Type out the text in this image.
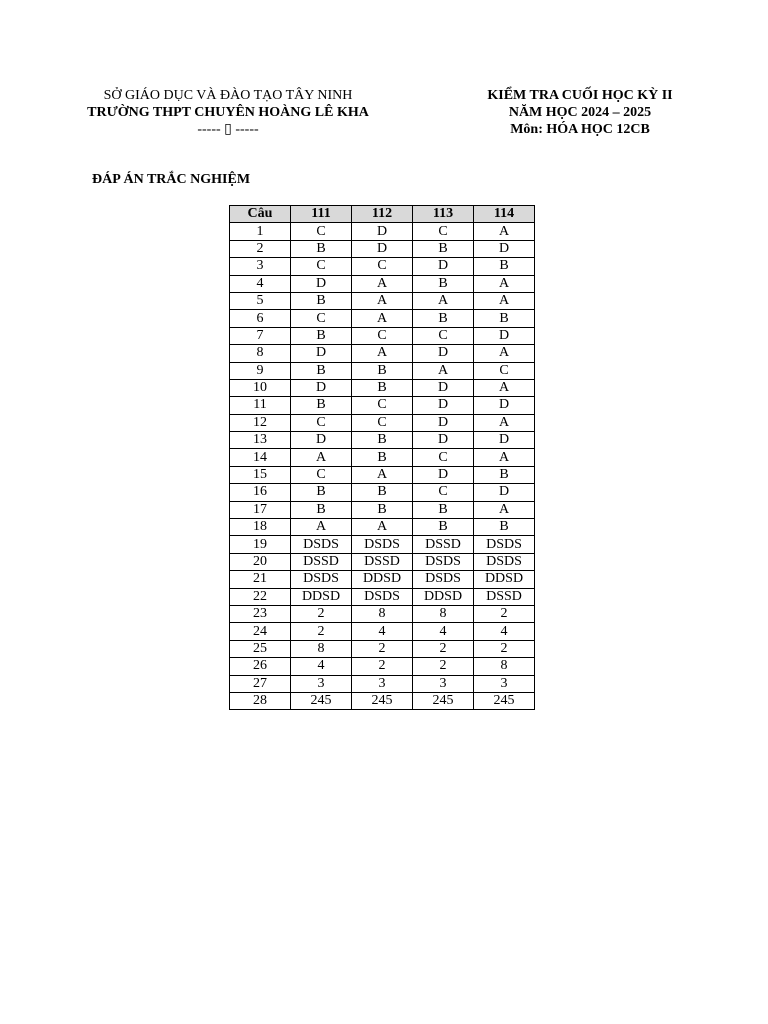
SỞ GIÁO DỤC VÀ ĐÀO TẠO TÂY NINH
TRƯỜNG THPT CHUYÊN HOÀNG LÊ KHA
----- ▯ -----
KIỂM TRA CUỐI HỌC KỲ II
NĂM HỌC 2024 – 2025
Môn: HÓA HỌC 12CB
ĐÁP ÁN TRẮC NGHIỆM
Câu	111	112	113	114
1	C	D	C	A
2	B	D	B	D
3	C	C	D	B
4	D	A	B	A
5	B	A	A	A
6	C	A	B	B
7	B	C	C	D
8	D	A	D	A
9	B	B	A	C
10	D	B	D	A
11	B	C	D	D
12	C	C	D	A
13	D	B	D	D
14	A	B	C	A
15	C	A	D	B
16	B	B	C	D
17	B	B	B	A
18	A	A	B	B
19	DSDS	DSDS	DSSD	DSDS
20	DSSD	DSSD	DSDS	DSDS
21	DSDS	DDSD	DSDS	DDSD
22	DDSD	DSDS	DDSD	DSSD
23	2	8	8	2
24	2	4	4	4
25	8	2	2	2
26	4	2	2	8
27	3	3	3	3
28	245	245	245	245
